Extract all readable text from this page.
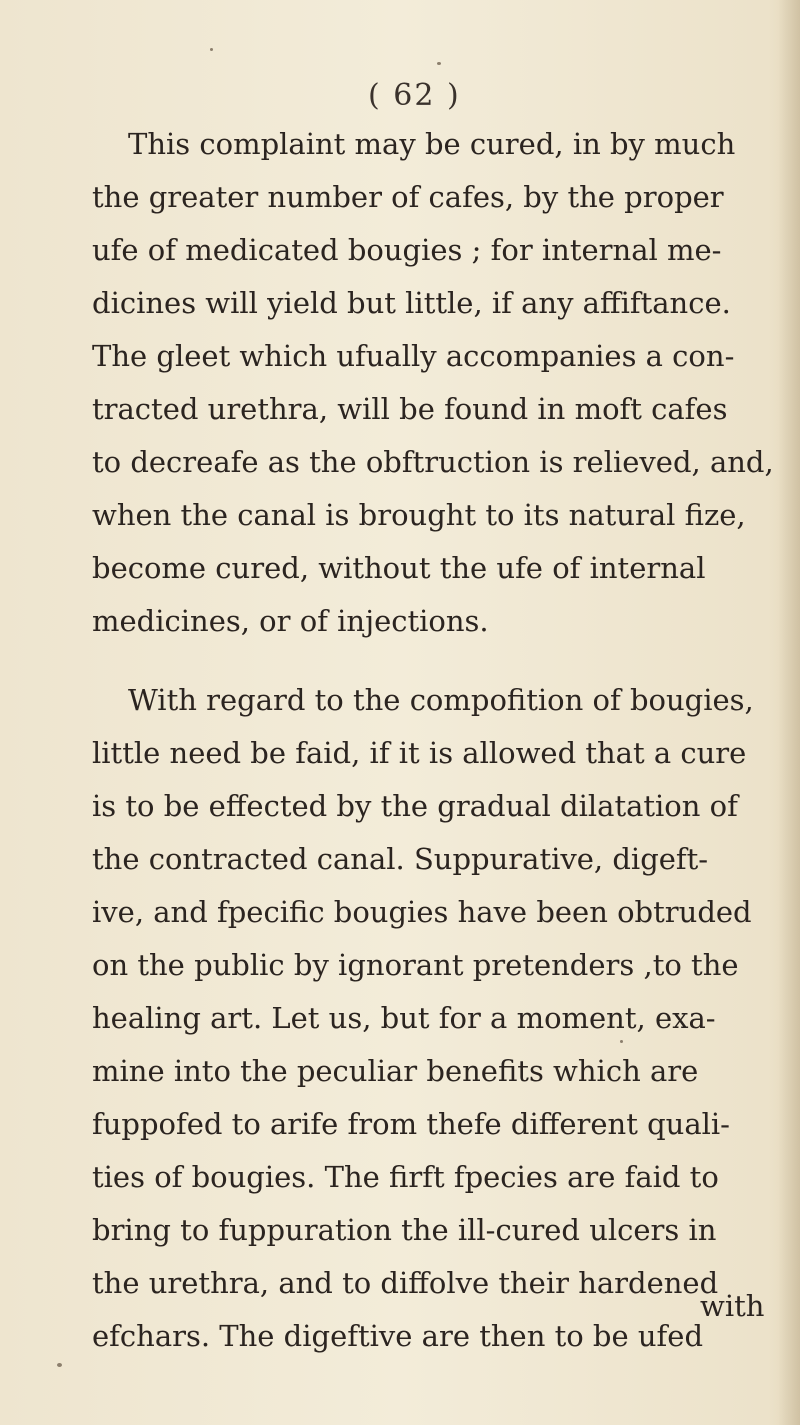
( 62 )
This complaint may be cured, in by much
the greater number of cafes, by the proper
ufe of medicated bougies ; for internal me-
dicines will yield but little, if any affiftance.
The gleet which ufually accompanies a con-
tracted urethra, will be found in moft cafes
to decreafe as the obftruction is relieved, and,
when the canal is brought to its natural fize,
become cured, without the ufe of internal
medicines, or of injections.
With regard to the compofition of bougies,
little need be faid, if it is allowed that a cure
is to be effected by the gradual dilatation of
the contracted canal. Suppurative, digeft-
ive, and fpecific bougies have been obtruded
on the public by ignorant pretenders ,to the
healing art. Let us, but for a moment, exa-
mine into the peculiar benefits which are
fuppofed to arife from thefe different quali-
ties of bougies. The firft fpecies are faid to
bring to fuppuration the ill-cured ulcers in
the urethra, and to diffolve their hardened
efchars. The digeftive are then to be ufed
with
